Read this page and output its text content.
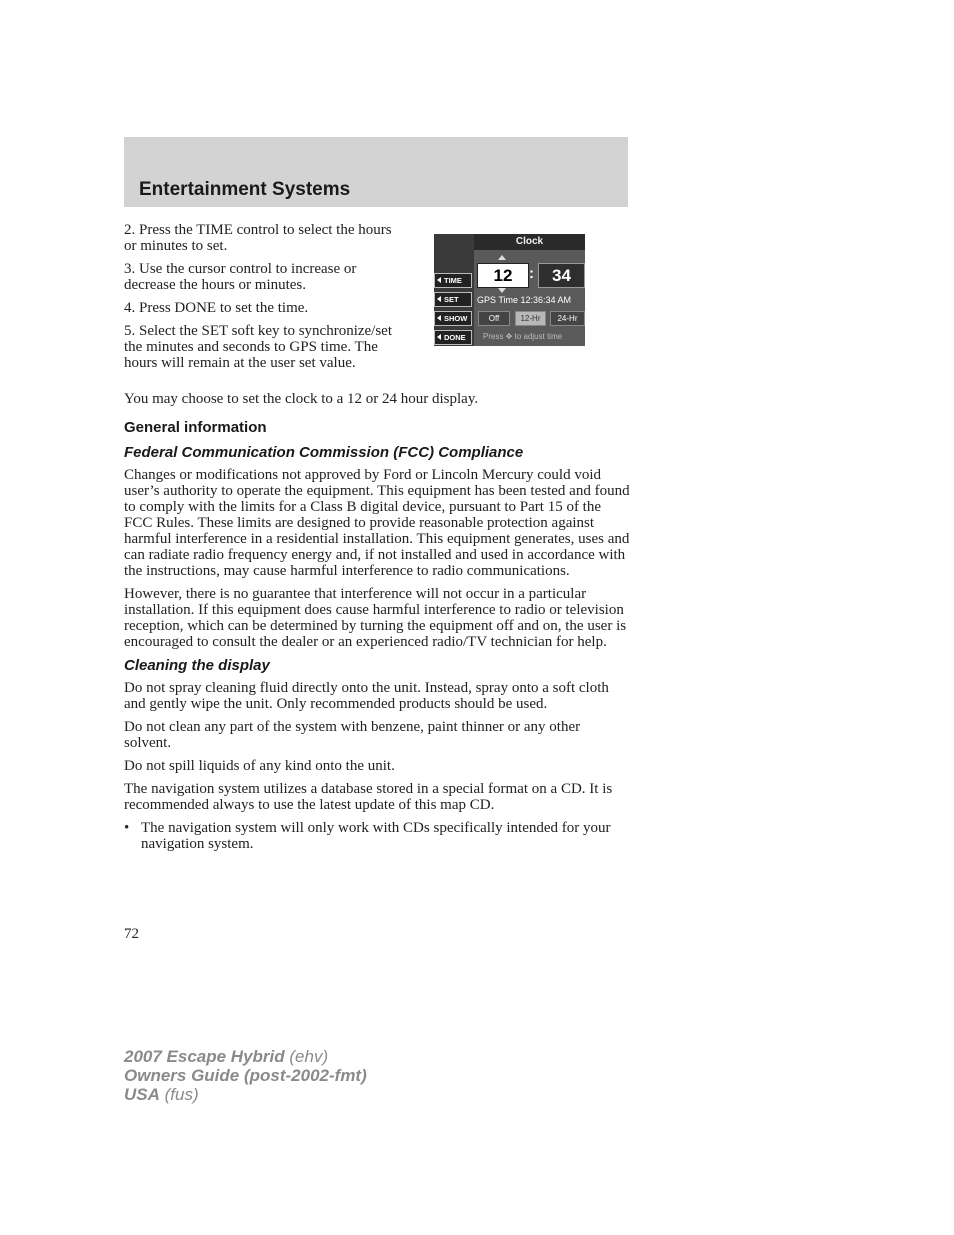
Entertainment Systems

2. Press the TIME control to select the hours or minutes to set.

3. Use the cursor control to increase or decrease the hours or minutes.

4. Press DONE to set the time.

5. Select the SET soft key to synchronize/set the minutes and seconds to GPS time. The hours will remain at the user set value.

TIME
SET
SHOW
DONE
Clock
12	:	34
GPS Time 12:36:34 AM
Off	12-Hr	24-Hr
Press ✥ to adjust time

You may choose to set the clock to a 12 or 24 hour display.

General information
Federal Communication Commission (FCC) Compliance

Changes or modifications not approved by Ford or Lincoln Mercury could void user’s authority to operate the equipment. This equipment has been tested and found to comply with the limits for a Class B digital device, pursuant to Part 15 of the FCC Rules. These limits are designed to provide reasonable protection against harmful interference in a residential installation. This equipment generates, uses and can radiate radio frequency energy and, if not installed and used in accordance with the instructions, may cause harmful interference to radio communications.

However, there is no guarantee that interference will not occur in a particular installation. If this equipment does cause harmful interference to radio or television reception, which can be determined by turning the equipment off and on, the user is encouraged to consult the dealer or an experienced radio/TV technician for help.

Cleaning the display

Do not spray cleaning fluid directly onto the unit. Instead, spray onto a soft cloth and gently wipe the unit. Only recommended products should be used.

Do not clean any part of the system with benzene, paint thinner or any other solvent.

Do not spill liquids of any kind onto the unit.

The navigation system utilizes a database stored in a special format on a CD. It is recommended always to use the latest update of this map CD.

• The navigation system will only work with CDs specifically intended for your navigation system.

72

2007 Escape Hybrid (ehv)

Owners Guide (post-2002-fmt)

USA (fus)
